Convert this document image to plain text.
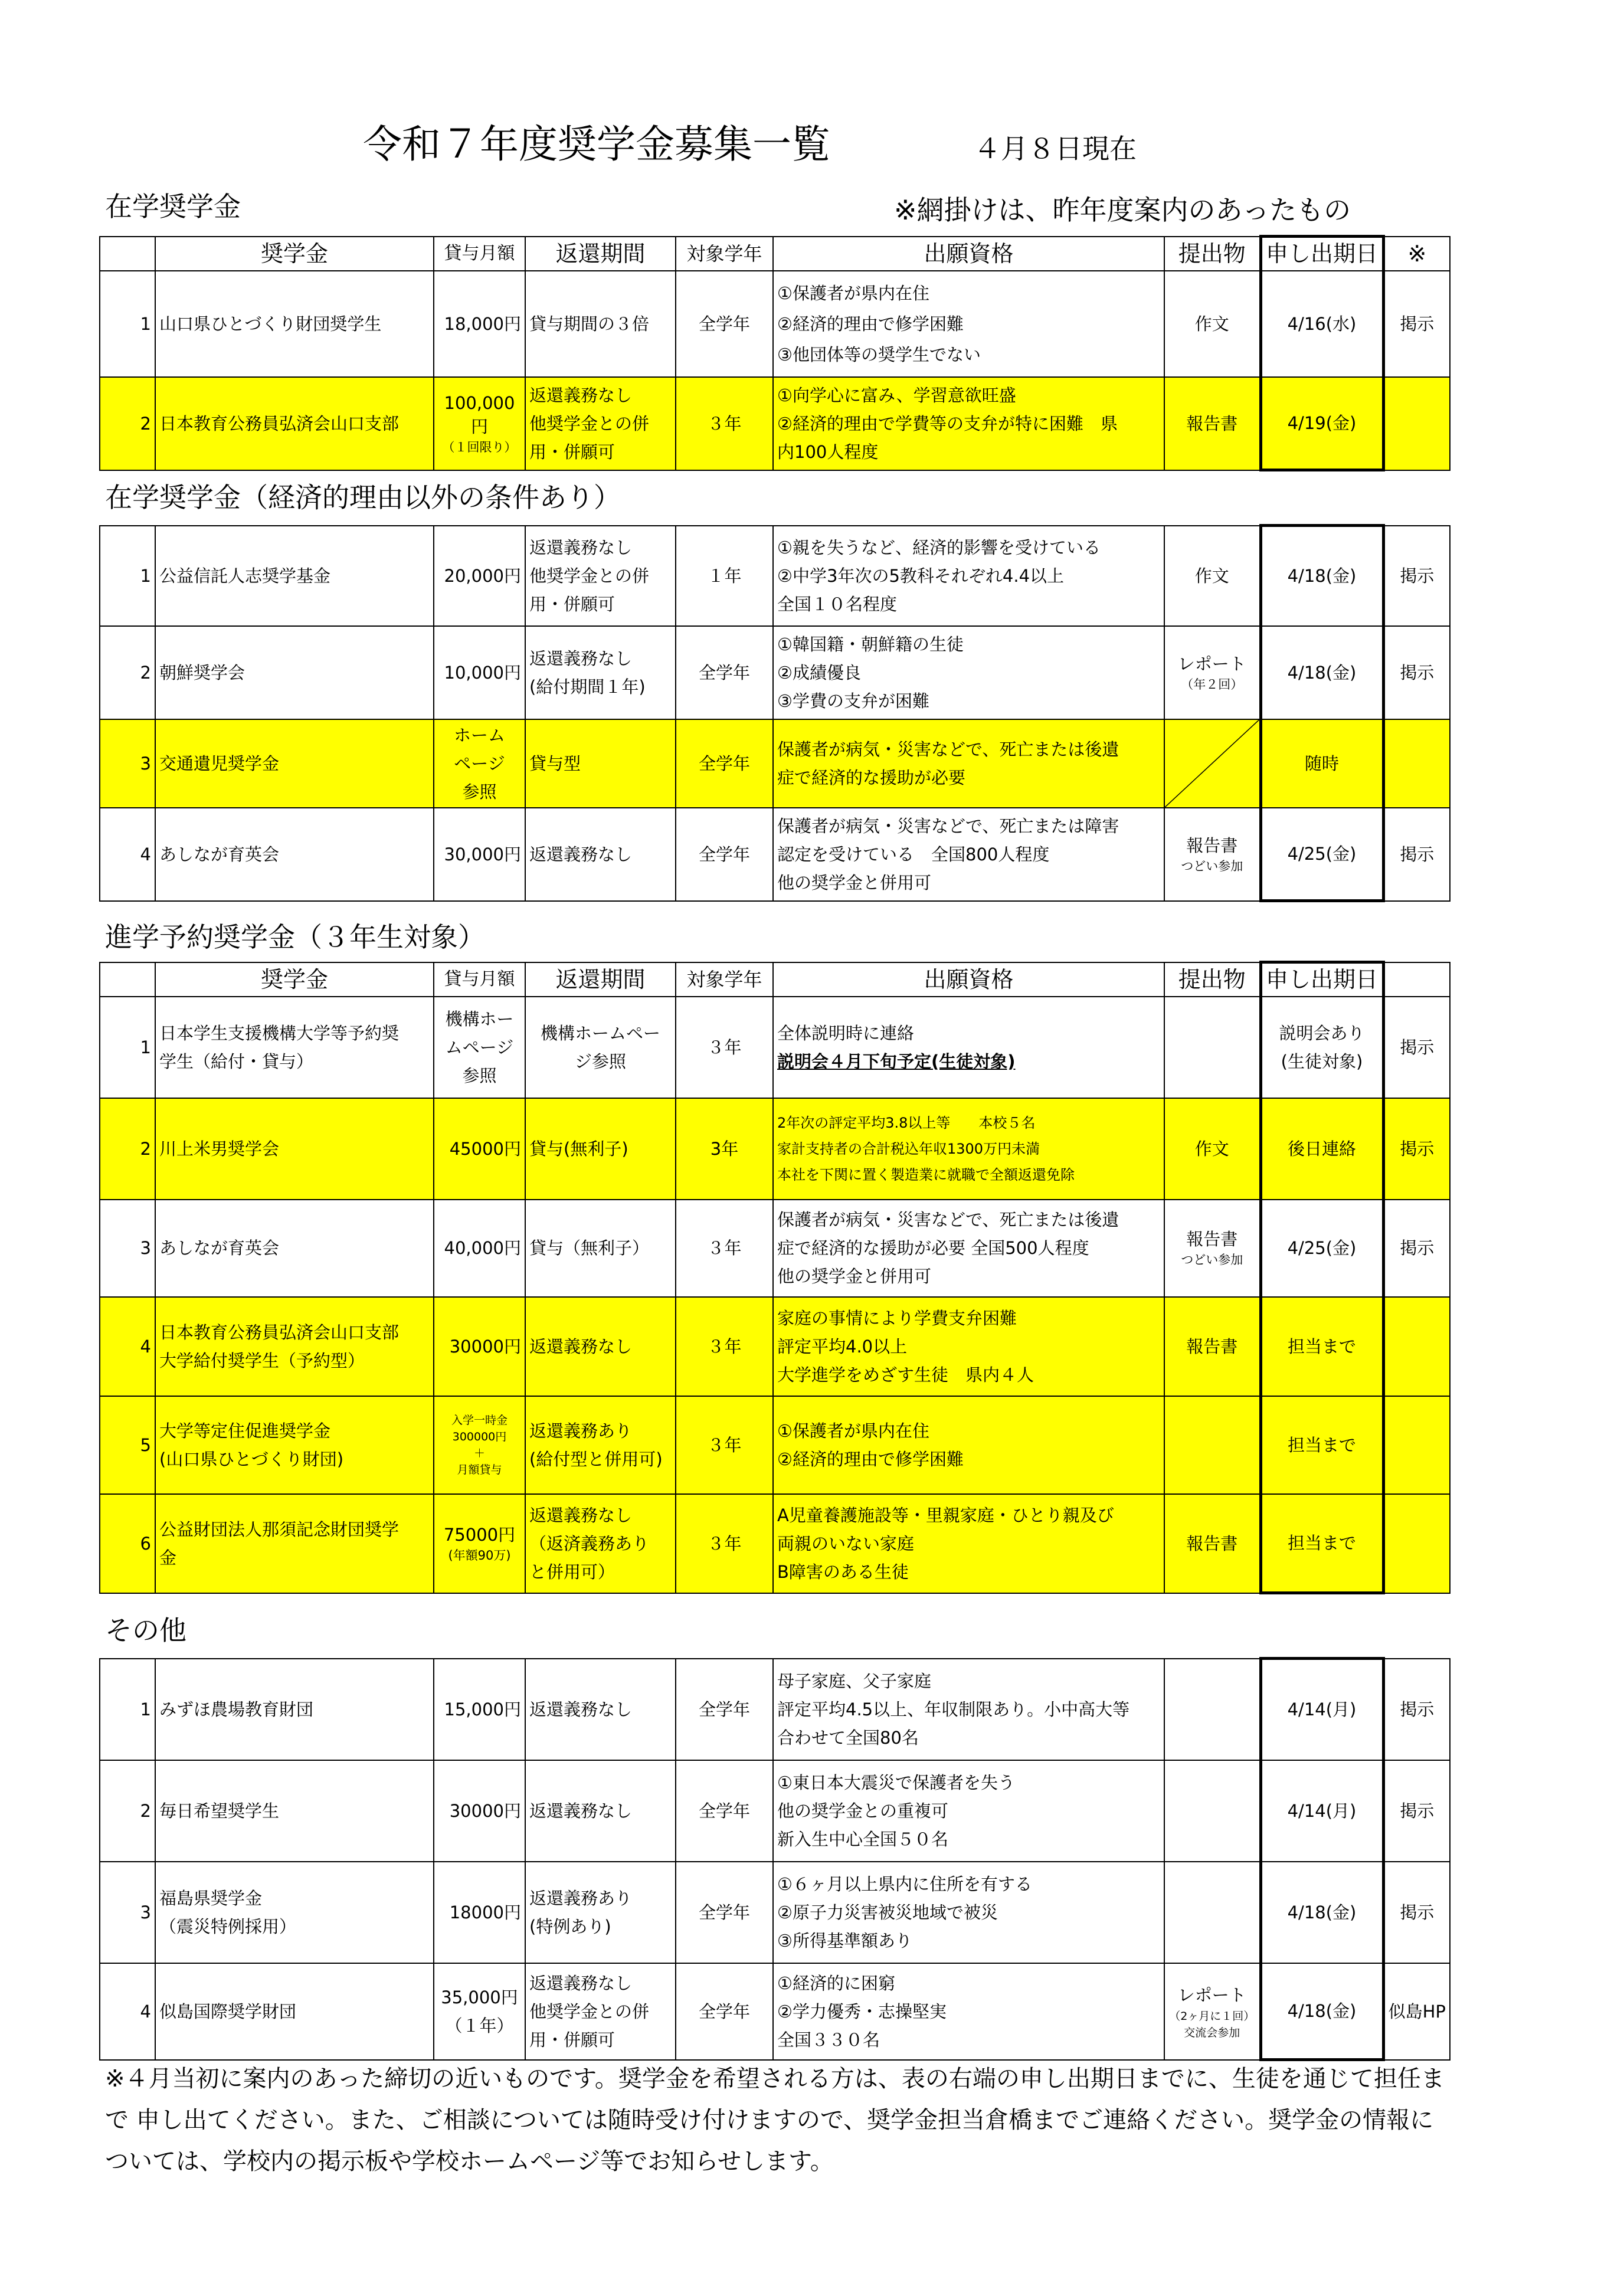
令和７年度奨学金募集一覧	４月８日現在
在学奨学金	※網掛けは、昨年度案内のあったもの
	奨学金	貸与月額	返還期間	対象学年	出願資格	提出物	申し出期日	※
1	山口県ひとづくり財団奨学生	18,000円	貸与期間の３倍	全学年	①保護者が県内在住
②経済的理由で修学困難
③他団体等の奨学生でない	作文	4/16(水)	掲示
2	日本教育公務員弘済会山口支部	100,000円
（１回限り）	返還義務なし
他奨学金との併
用・併願可	３年	①向学心に富み、学習意欲旺盛
②経済的理由で学費等の支弁が特に困難　県
内100人程度	報告書	4/19(金)	
在学奨学金（経済的理由以外の条件あり）
1	公益信託人志奨学基金	20,000円	返還義務なし
他奨学金との併
用・併願可	１年	①親を失うなど、経済的影響を受けている
②中学3年次の5教科それぞれ4.4以上
全国１０名程度	作文	4/18(金)	掲示
2	朝鮮奨学会	10,000円	返還義務なし
(給付期間１年)	全学年	①韓国籍・朝鮮籍の生徒
②成績優良
③学費の支弁が困難	レポート
（年２回）	4/18(金)	掲示
3	交通遺児奨学金	ホーム
ページ
参照	貸与型	全学年	保護者が病気・災害などで、死亡または後遺
症で経済的な援助が必要		随時	
4	あしなが育英会	30,000円	返還義務なし	全学年	保護者が病気・災害などで、死亡または障害
認定を受けている　全国800人程度
他の奨学金と併用可	報告書
つどい参加	4/25(金)	掲示
進学予約奨学金（３年生対象）
	奨学金	貸与月額	返還期間	対象学年	出願資格	提出物	申し出期日	
1	日本学生支援機構大学等予約奨
学生（給付・貸与）	機構ホー
ムページ
参照	機構ホームペー
ジ参照	３年	全体説明時に連絡
説明会４月下旬予定(生徒対象)		説明会あり
(生徒対象)	掲示
2	川上米男奨学会	45000円	貸与(無利子)	3年	2年次の評定平均3.8以上等　　本校５名
家計支持者の合計税込年収1300万円未満
本社を下関に置く製造業に就職で全額返還免除	作文	後日連絡	掲示
3	あしなが育英会	40,000円	貸与（無利子）	３年	保護者が病気・災害などで、死亡または後遺
症で経済的な援助が必要 全国500人程度
他の奨学金と併用可	報告書
つどい参加	4/25(金)	掲示
4	日本教育公務員弘済会山口支部
大学給付奨学生（予約型）	30000円	返還義務なし	３年	家庭の事情により学費支弁困難
評定平均4.0以上
大学進学をめざす生徒　県内４人	報告書	担当まで	
5	大学等定住促進奨学金
(山口県ひとづくり財団)	入学一時金
300000円
＋
月額貸与	返還義務あり
(給付型と併用可)	３年	①保護者が県内在住
②経済的理由で修学困難		担当まで	
6	公益財団法人那須記念財団奨学
金	75000円
(年額90万)	返還義務なし
（返済義務あり
と併用可）	３年	A児童養護施設等・里親家庭・ひとり親及び
両親のいない家庭
B障害のある生徒	報告書	担当まで	
その他
1	みずほ農場教育財団	15,000円	返還義務なし	全学年	母子家庭、父子家庭
評定平均4.5以上、年収制限あり。小中高大等
合わせて全国80名		4/14(月)	掲示
2	毎日希望奨学生	30000円	返還義務なし	全学年	①東日本大震災で保護者を失う
他の奨学金との重複可
新入生中心全国５０名		4/14(月)	掲示
3	福島県奨学金
（震災特例採用）	18000円	返還義務あり
(特例あり)	全学年	①６ヶ月以上県内に住所を有する
②原子力災害被災地域で被災
③所得基準額あり		4/18(金)	掲示
4	似島国際奨学財団	35,000円
（１年）	返還義務なし
他奨学金との併
用・併願可	全学年	①経済的に困窮
②学力優秀・志操堅実
全国３３０名	レポート
（2ヶ月に１回）
交流会参加	4/18(金)	似島HP
※４月当初に案内のあった締切の近いものです。奨学金を希望される方は、表の右端の申し出期日までに、生徒を通じて担任まで 申し出てください。また、ご相談については随時受け付けますので、奨学金担当倉橋までご連絡ください。奨学金の情報については、学校内の掲示板や学校ホームページ等でお知らせします。
